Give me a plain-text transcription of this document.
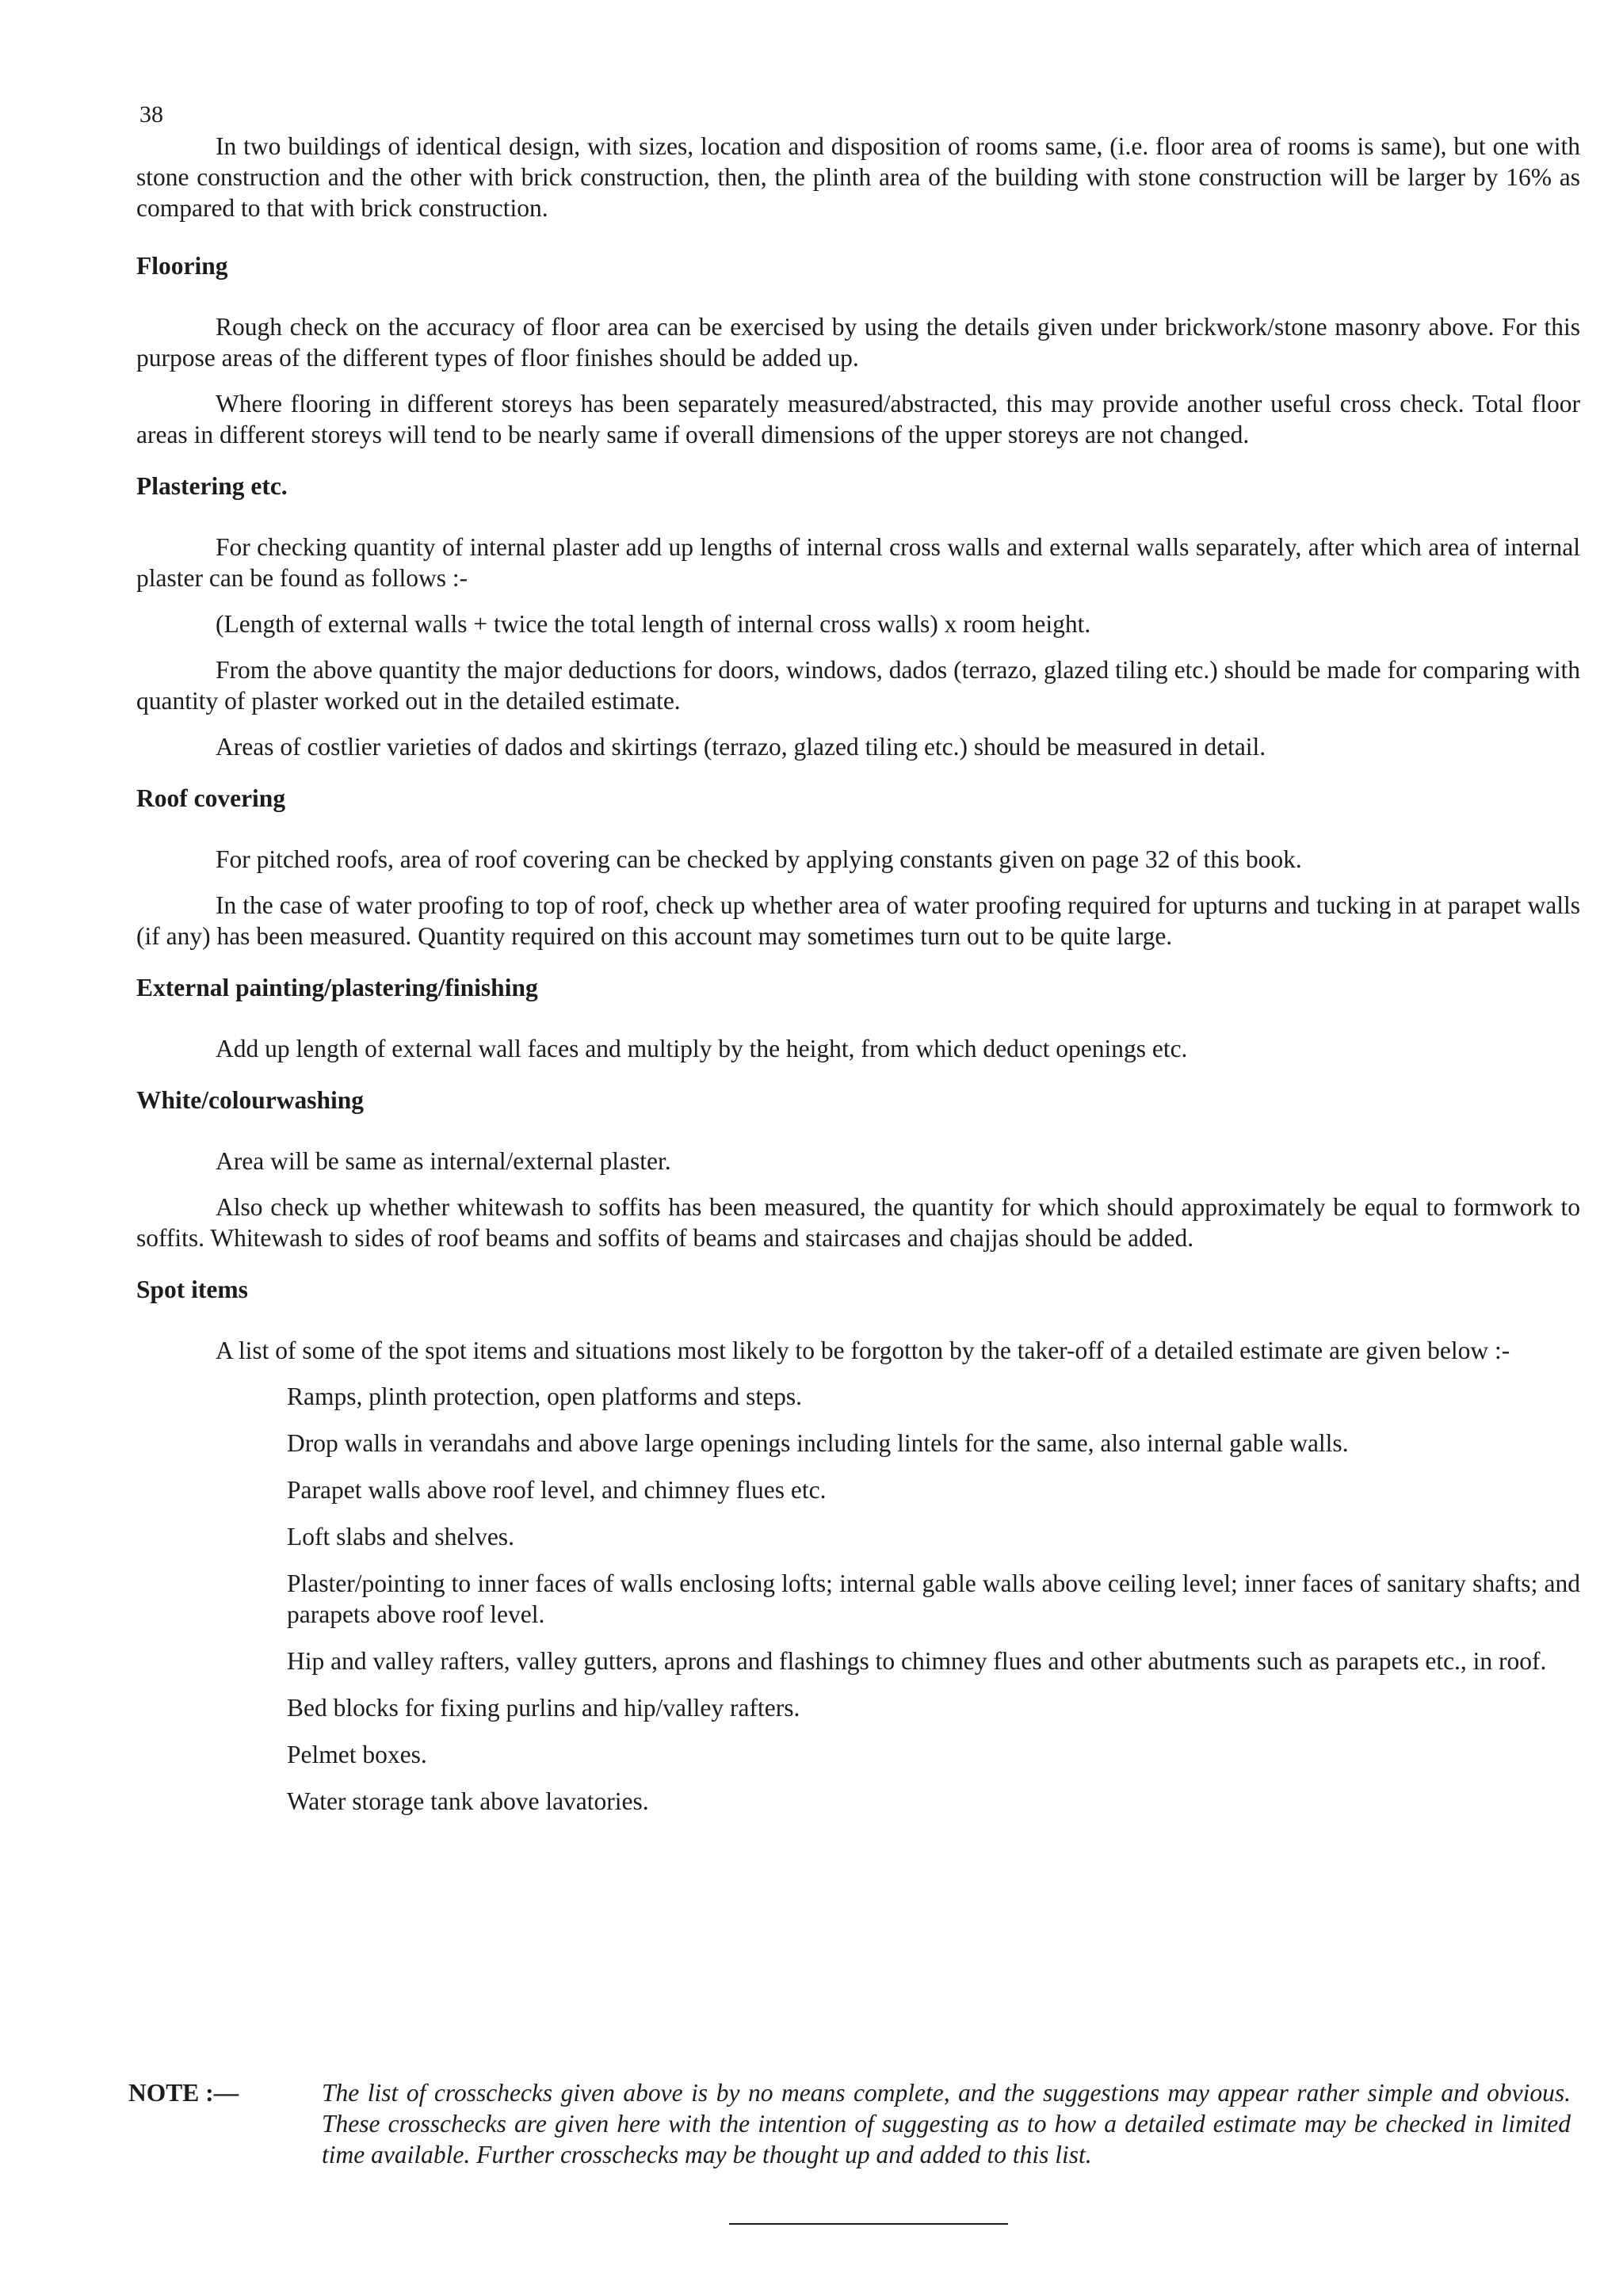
38

In two buildings of identical design, with sizes, location and disposition of rooms same, (i.e. floor area of rooms is same), but one with stone construction and the other with brick construction, then, the plinth area of the building with stone construction will be larger by 16% as compared to that with brick construction.

Flooring

Rough check on the accuracy of floor area can be exercised by using the details given under brickwork/stone masonry above. For this purpose areas of the different types of floor finishes should be added up.

Where flooring in different storeys has been separately measured/abstracted, this may provide another useful cross check. Total floor areas in different storeys will tend to be nearly same if overall dimensions of the upper storeys are not changed.

Plastering etc.

For checking quantity of internal plaster add up lengths of internal cross walls and external walls separately, after which area of internal plaster can be found as follows :-

(Length of external walls + twice the total length of internal cross walls) x room height.

From the above quantity the major deductions for doors, windows, dados (terrazo, glazed tiling etc.) should be made for comparing with quantity of plaster worked out in the detailed estimate.

Areas of costlier varieties of dados and skirtings (terrazo, glazed tiling etc.) should be measured in detail.

Roof covering

For pitched roofs, area of roof covering can be checked by applying constants given on page 32 of this book.

In the case of water proofing to top of roof, check up whether area of water proofing required for upturns and tucking in at parapet walls (if any) has been measured. Quantity required on this account may sometimes turn out to be quite large.

External painting/plastering/finishing

Add up length of external wall faces and multiply by the height, from which deduct openings etc.

White/colourwashing

Area will be same as internal/external plaster.

Also check up whether whitewash to soffits has been measured, the quantity for which should approximately be equal to formwork to soffits. Whitewash to sides of roof beams and soffits of beams and staircases and chajjas should be added.

Spot items

A list of some of the spot items and situations most likely to be forgotton by the taker-off of a detailed estimate are given below :-

Ramps, plinth protection, open platforms and steps.
Drop walls in verandahs and above large openings including lintels for the same, also internal gable walls.
Parapet walls above roof level, and chimney flues etc.
Loft slabs and shelves.
Plaster/pointing to inner faces of walls enclosing lofts; internal gable walls above ceiling level; inner faces of sanitary shafts; and parapets above roof level.
Hip and valley rafters, valley gutters, aprons and flashings to chimney flues and other abutments such as parapets etc., in roof.
Bed blocks for fixing purlins and hip/valley rafters.
Pelmet boxes.
Water storage tank above lavatories.
NOTE :—	The list of crosschecks given above is by no means complete, and the suggestions may appear rather simple and obvious. These crosschecks are given here with the intention of suggesting as to how a detailed estimate may be checked in limited time available. Further crosschecks may be thought up and added to this list.
